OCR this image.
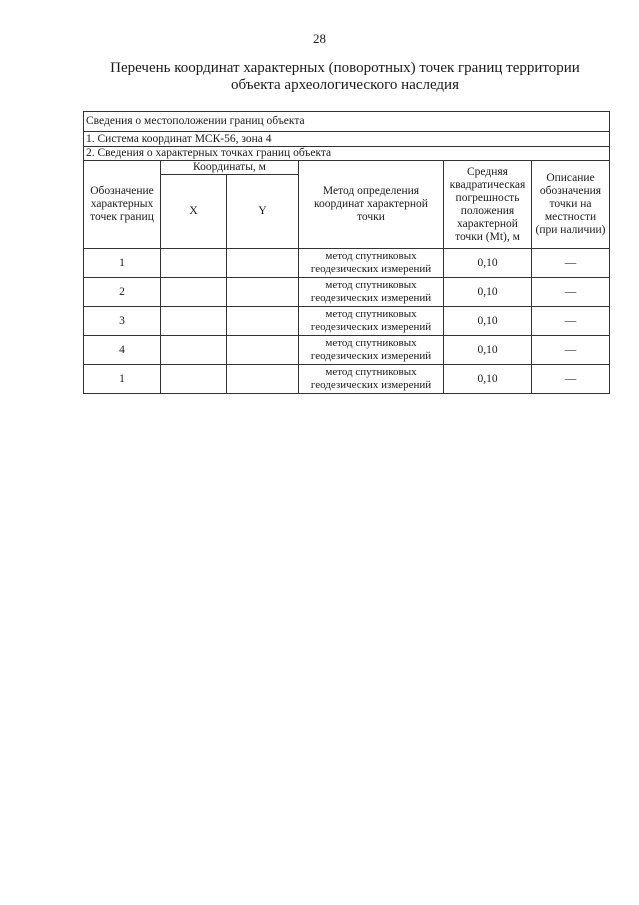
28
Перечень координат характерных (поворотных) точек границ территории
объекта археологического наследия
Сведения о местоположении границ объекта					
1. Система координат МСК-56, зона 4					
2. Сведения о характерных точках границ объекта					
Обозначение характерных точек границ	Координаты, м		Метод определения координат характерной точки	Средняя квадратическая погрешность положения характерной точки (Mt), м	Описание обозначения точки на местности (при наличии)
	X	Y			
1			метод спутниковых геодезических измерений	0,10	—
2			метод спутниковых геодезических измерений	0,10	—
3			метод спутниковых геодезических измерений	0,10	—
4			метод спутниковых геодезических измерений	0,10	—
1			метод спутниковых геодезических измерений	0,10	—
